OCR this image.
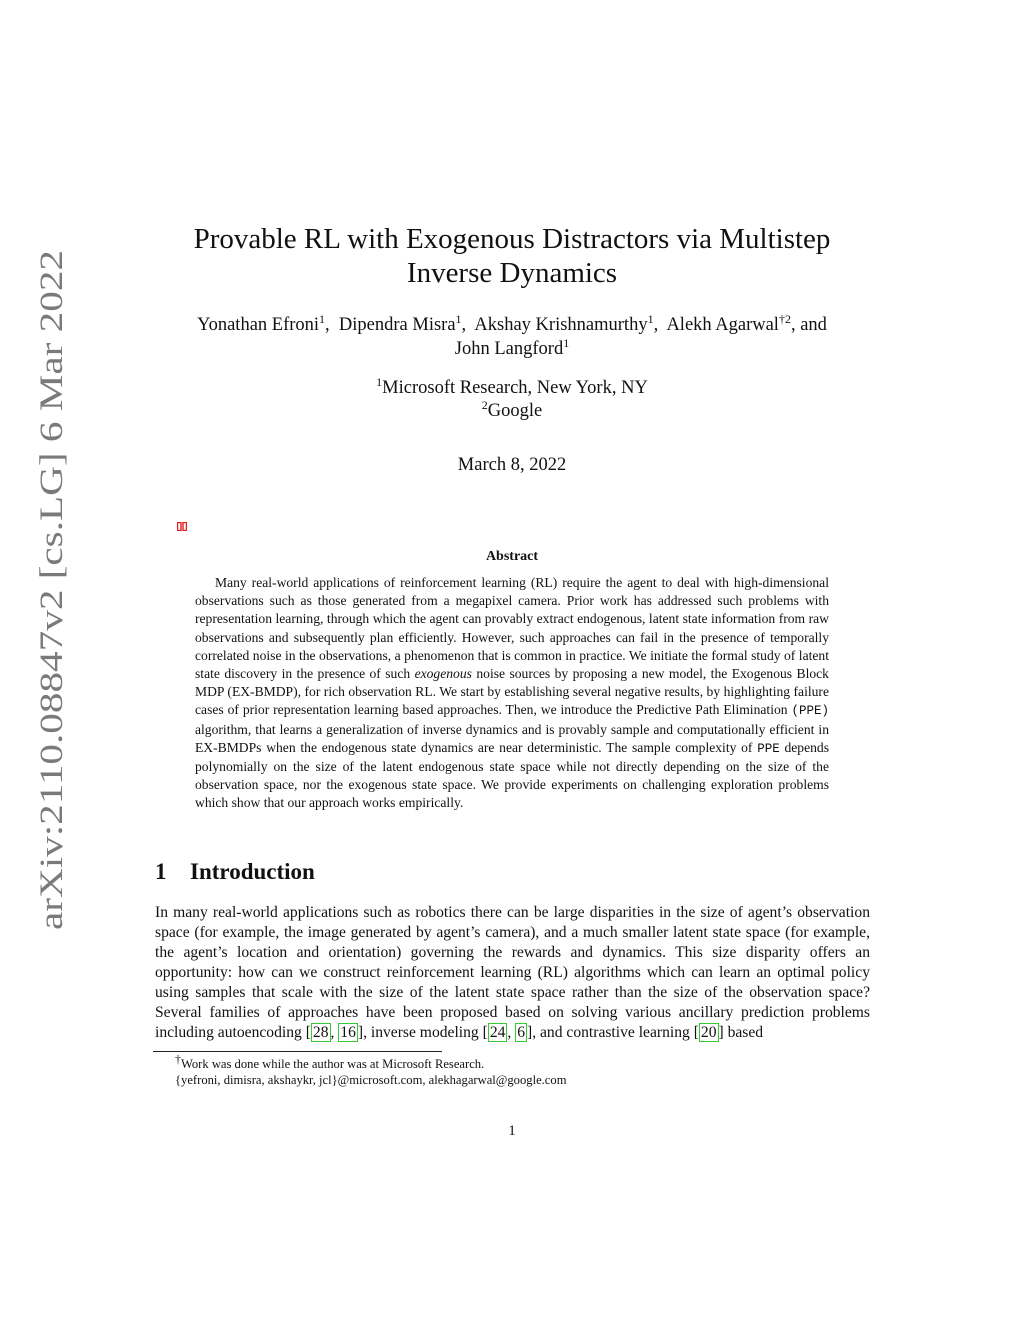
arXiv:2110.08847v2 [cs.LG] 6 Mar 2022
Provable RL with Exogenous Distractors via Multistep
Inverse Dynamics
Yonathan Efroni$^1$,  Dipendra Misra$^1$,  Akshay Krishnamurthy$^1$,  Alekh Agarwal$^{\dagger 2}$, and
John Langford$^1$
$^1$Microsoft Research, New York, NY
$^2$Google
March 8, 2022
Abstract

Many real-world applications of reinforcement learning (RL) require the agent to deal with high-dimensional observations such as those generated from a megapixel camera. Prior work has addressed such problems with representation learning, through which the agent can provably extract endogenous, latent state information from raw observations and subsequently plan efficiently. However, such approaches can fail in the presence of temporally correlated noise in the observations, a phenomenon that is common in practice. We initiate the formal study of latent state discovery in the presence of such exogenous noise sources by proposing a new model, the Exogenous Block MDP (EX-BMDP), for rich observation RL. We start by establishing several negative results, by highlighting failure cases of prior representation learning based approaches. Then, we introduce the Predictive Path Elimination (PPE) algorithm, that learns a generalization of inverse dynamics and is provably sample and computationally efficient in EX-BMDPs when the endogenous state dynamics are near deterministic. The sample complexity of PPE depends polynomially on the size of the latent endogenous state space while not directly depending on the size of the observation space, nor the exogenous state space. We provide experiments on challenging exploration problems which show that our approach works empirically.

1 Introduction

In many real-world applications such as robotics there can be large disparities in the size of agent’s observation space (for example, the image generated by agent’s camera), and a much smaller latent state space (for example, the agent’s location and orientation) governing the rewards and dynamics. This size disparity offers an opportunity: how can we construct reinforcement learning (RL) algorithms which can learn an optimal policy using samples that scale with the size of the latent state space rather than the size of the observation space? Several families of approaches have been proposed based on solving various ancillary prediction problems including autoencoding [ 28 , 16 ], inverse modeling [ 24 , 6 ], and contrastive learning [ 20 ] based

†Work was done while the author was at Microsoft Research.
{yefroni, dimisra, akshaykr, jcl}@microsoft.com, alekhagarwal@google.com
1
